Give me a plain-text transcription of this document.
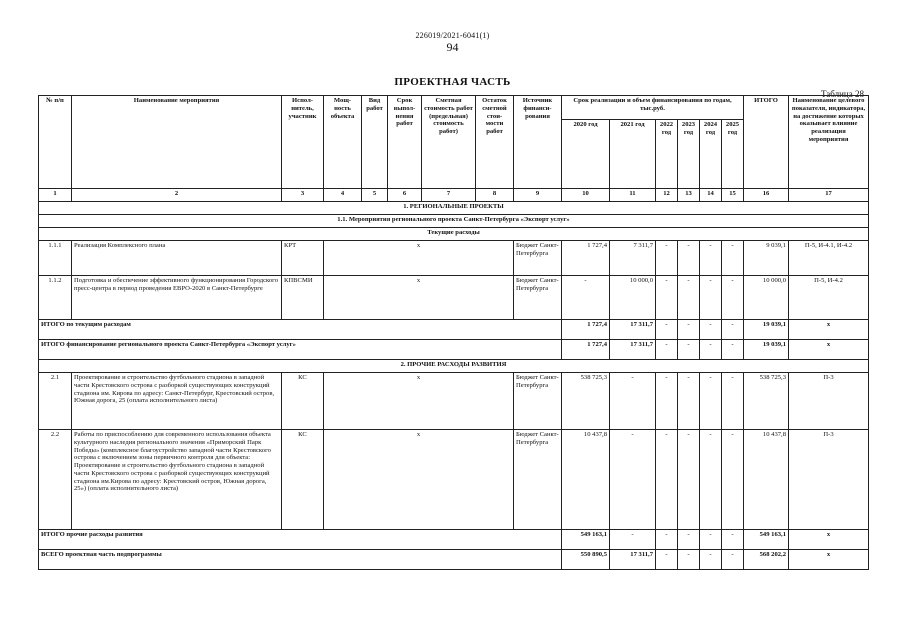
226019/2021-6041(1)
94
ПРОЕКТНАЯ ЧАСТЬ
Таблица 28
№ п/п	Наименование мероприятия	Испол-нитель, участник	Мощ-ность объекта	Вид работ	Срок выпол-нения работ	Сметная стоимость работ (предельная) стоимость работ)	Остаток сметной стои-мости работ	Источник финанси-рования	Срок реализации и объем финансирования по годам, тыс.руб.						ИТОГО	Наименование целевого показателя, индикатора, на достижение которых оказывает влияние реализация мероприятия
									2020 год	2021 год	2022 год	2023 год	2024 год	2025 год		
1	2	3	4	5	6	7	8	9	10	11	12	13	14	15	16	17
1. РЕГИОНАЛЬНЫЕ ПРОЕКТЫ																
1.1. Мероприятия регионального проекта Санкт-Петербурга «Экспорт услуг»																
Текущие расходы																
1.1.1	Реализация Комплексного плана	КРТ	х					Бюджет Санкт-Петербурга	1 727,4	7 311,7	-	-	-	-	9 039,1	П-5, И-4.1, И-4.2
1.1.2	Подготовка и обеспечение эффективного функционирования Городского пресс-центра в период проведения ЕВРО-2020 в Санкт-Петербурге	КПВСМИ	х					Бюджет Санкт-Петербурга	-	10 000,0	-	-	-	-	10 000,0	П-5, И-4.2
ИТОГО по текущим расходам									1 727,4	17 311,7	-	-	-	-	19 039,1	х
ИТОГО финансирование регионального проекта Санкт-Петербурга «Экспорт услуг»									1 727,4	17 311,7	-	-	-	-	19 039,1	х
2. ПРОЧИЕ РАСХОДЫ РАЗВИТИЯ																
2.1	Проектирование и строительство футбольного стадиона в западной части Крестовского острова с разборкой существующих конструкций стадиона им. Кирова по адресу: Санкт-Петербург, Крестовский остров, Южная дорога, 25 (оплата исполнительного листа)	КС	х					Бюджет Санкт-Петербурга	538 725,3	-	-	-	-	-	538 725,3	П-3
2.2	Работы по приспособлению для современного использования объекта культурного наследия регионального значения «Приморский Парк Победы» (комплексное благоустройство западной части Крестовского острова с включением зоны первичного контроля для объекта: Проектирование и строительство футбольного стадиона в западной части Крестовского острова с разборкой существующих конструкций стадиона им.Кирова по адресу: Крестовский остров, Южная дорога, 25») (оплата исполнительного листа)	КС	х					Бюджет Санкт-Петербурга	10 437,8	-	-	-	-	-	10 437,8	П-3
ИТОГО прочие расходы развития									549 163,1	-	-	-	-	-	549 163,1	х
ВСЕГО проектная часть подпрограммы									550 890,5	17 311,7	-	-	-	-	568 202,2	х
